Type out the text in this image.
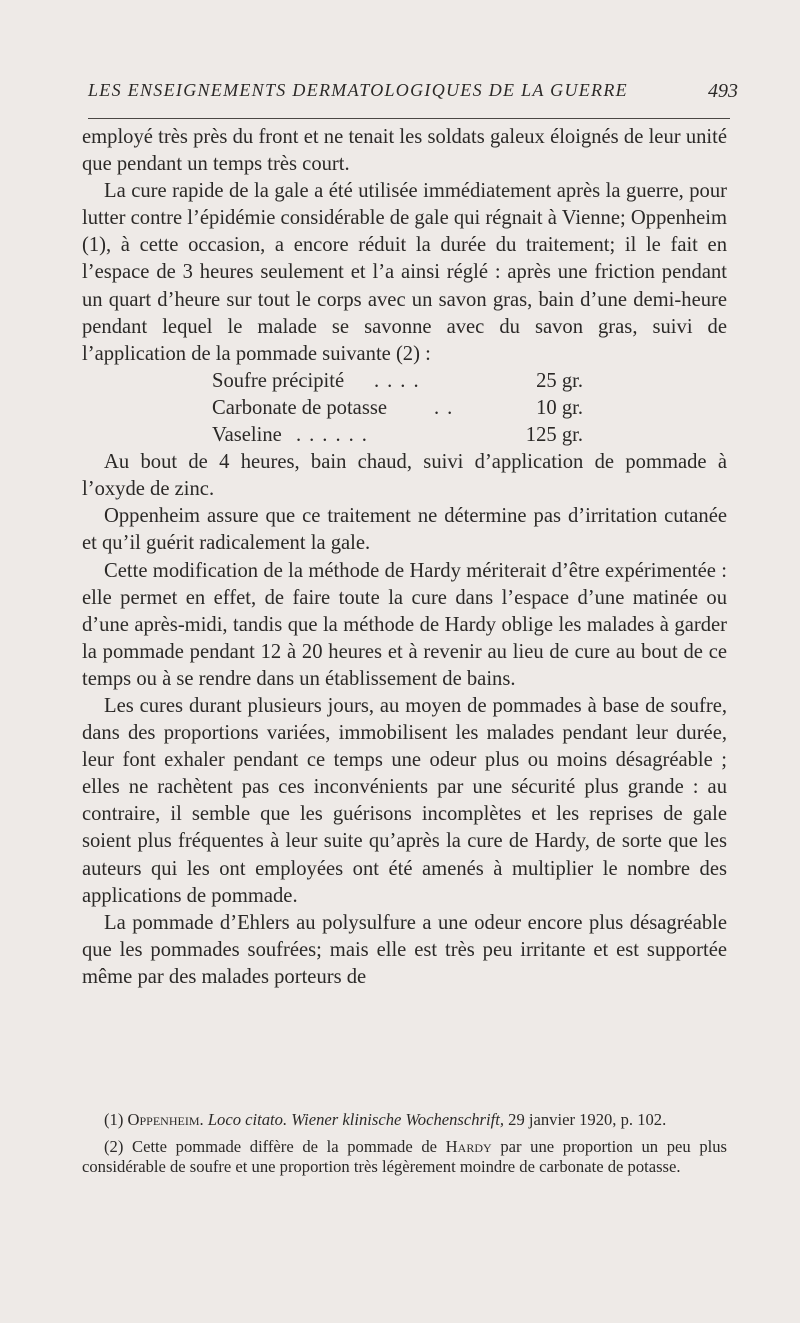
LES ENSEIGNEMENTS DERMATOLOGIQUES DE LA GUERRE	493

employé très près du front et ne tenait les soldats galeux éloignés de leur unité que pendant un temps très court.

La cure rapide de la gale a été utilisée immédiatement après la guerre, pour lutter contre l’épidémie considérable de gale qui régnait à Vienne; Oppenheim (1), à cette occasion, a encore réduit la durée du traitement; il le fait en l’espace de 3 heures seulement et l’a ainsi réglé : après une friction pendant un quart d’heure sur tout le corps avec un savon gras, bain d’une demi-heure pendant lequel le malade se savonne avec du savon gras, suivi de l’application de la pommade suivante (2) :

Soufre précipité ....	25 gr.
Carbonate de potasse ..	10 gr.
Vaseline ......	125 gr.

Au bout de 4 heures, bain chaud, suivi d’application de pommade à l’oxyde de zinc.

Oppenheim assure que ce traitement ne détermine pas d’irritation cutanée et qu’il guérit radicalement la gale.

Cette modification de la méthode de Hardy mériterait d’être expérimentée : elle permet en effet, de faire toute la cure dans l’espace d’une matinée ou d’une après-midi, tandis que la méthode de Hardy oblige les malades à garder la pommade pendant 12 à 20 heures et à revenir au lieu de cure au bout de ce temps ou à se rendre dans un établissement de bains.

Les cures durant plusieurs jours, au moyen de pommades à base de soufre, dans des proportions variées, immobilisent les malades pendant leur durée, leur font exhaler pendant ce temps une odeur plus ou moins désagréable ; elles ne rachètent pas ces inconvénients par une sécurité plus grande : au contraire, il semble que les guérisons incomplètes et les reprises de gale soient plus fréquentes à leur suite qu’après la cure de Hardy, de sorte que les auteurs qui les ont employées ont été amenés à multiplier le nombre des applications de pommade.

La pommade d’Ehlers au polysulfure a une odeur encore plus désagréable que les pommades soufrées; mais elle est très peu irritante et est supportée même par des malades porteurs de

(1) Oppenheim. Loco citato. Wiener klinische Wochenschrift, 29 janvier 1920, p. 102.

(2) Cette pommade diffère de la pommade de Hardy par une proportion un peu plus considérable de soufre et une proportion très légèrement moindre de carbonate de potasse.
